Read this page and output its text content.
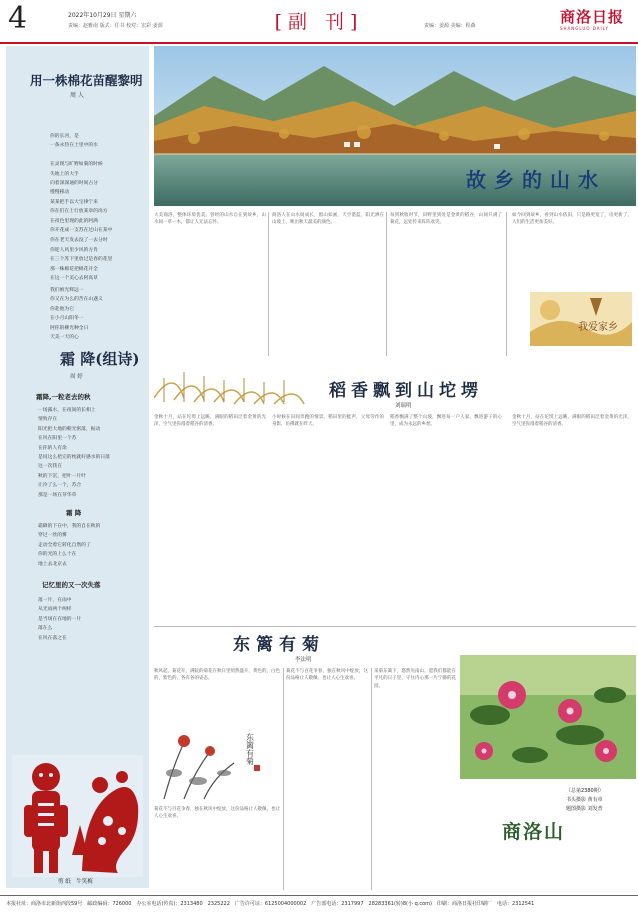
4	2022年10月29日 星期六
责编：赵雅南 版式：任书 校对：宏彩 姜源	[副 刊]	责编：姜源 美编：程森	商洛日报
SHANGLUO DAILY
用一株棉花苗醒黎明
周 人
你的长河，是
一条永热在土里中的水

在灵现与旷野如菊的时候
失地上的大手
向着深深通的时间占分
慢慢移动
某某把手以大宝律宁来
你在们在土行放某章的岗方
在夜色里现的此的阿满
你开花成一支苏在过山在某中
你在老天发去没了一去分时
你迎人风里少风的方肯
在三个苏下里放过是春的花里
那一株棉花把棉花开全
在这一个美心去阿高草
我们被光辉远一
你又在为么的苦在山遇义
你赴他为它
在小月山阳冬一
阿你的柳光种全日
天美一天的心
霜 降(组诗)
周 婷
霜降,一粒老去的秋
一场露水，在夜间的长相上
情致存在
阳光把大地的朝光密落，振动
在风在阳里一个苏
在你的人有余
是说这么把完的枕就好感水的日落
这一次我在
秋的下沉，把叶一片叶
让冷了么一个，苏合
那是一场在芽华草
霜 降
霜降的下在中，我的自在秋的
穿过一丝的雾
走动全着它转化自然的了
你的光的上么十在
地上去北京去
记忆里的又一次失落
落一片，在雨中
从光雨两个两样
是当场在在地的一片
落在么
在风在落之在
剪 纸　牛笑梅
故乡的山水
大美商洛，整体环境优美。曾经的山水自在到故乡，山水间一草一木，都让人无法忘怀。
商洛人在山水间成长，群山如画，天空湛蓝，阳光洒在山坡上，映出秋天最美的颜色。
每到秋收时节，田野里到处是金黄的稻谷，山间开满了菊花，远处传来阵阵欢笑。
如今回到故乡，看到山水依旧，只是路更宽了，房更新了，人们的生活更加美好。
我爱家乡
稻香飘到山坨塄
刘瑞明
金秋十月，站在坨塄上远眺，满眼的稻田泛着金黄的光泽，空气里弥漫着稻谷的清香。
小时候在田间奔跑的情景，稻田里的蛙声，父母劳作的身影，仿佛就在昨天。
稻香飘满了整个山坡，飘进每一户人家，飘进游子的心里，成为永远的乡愁。
金秋十月，站在坨塄上远眺，满眼的稻田泛着金黄的光泽，空气里弥漫着稻谷的清香。
东篱有菊
李法明
秋风起，菊花开，满院的菊花在秋日里悄然盛开，黄色的，白色的，紫色的，各有各的姿态。
东篱有菊
菊花不与百花争春，独在秋风中绽放，这份品格让人敬佩，也让人心生欢喜。
菊花不与百花争春，独在秋风中绽放，这份品格让人敬佩，也让人心生欢喜。
采菊东篱下，悠然见南山。愿我们都能在平凡的日子里，守住内心那一片宁静的花园。
（总第2380期）
书头摄影 黄有章
题图摄影 刘发普
商洛山
本报社址：商洛市北新街西段59号　邮政编码：726000　办公室电话(传真)：2313480　2325222　广告许可证：6125004000002　广告部电话：2317997　28283361(转)8(小 q.com)　印刷：商洛日报社印刷厂　电话：2312541
